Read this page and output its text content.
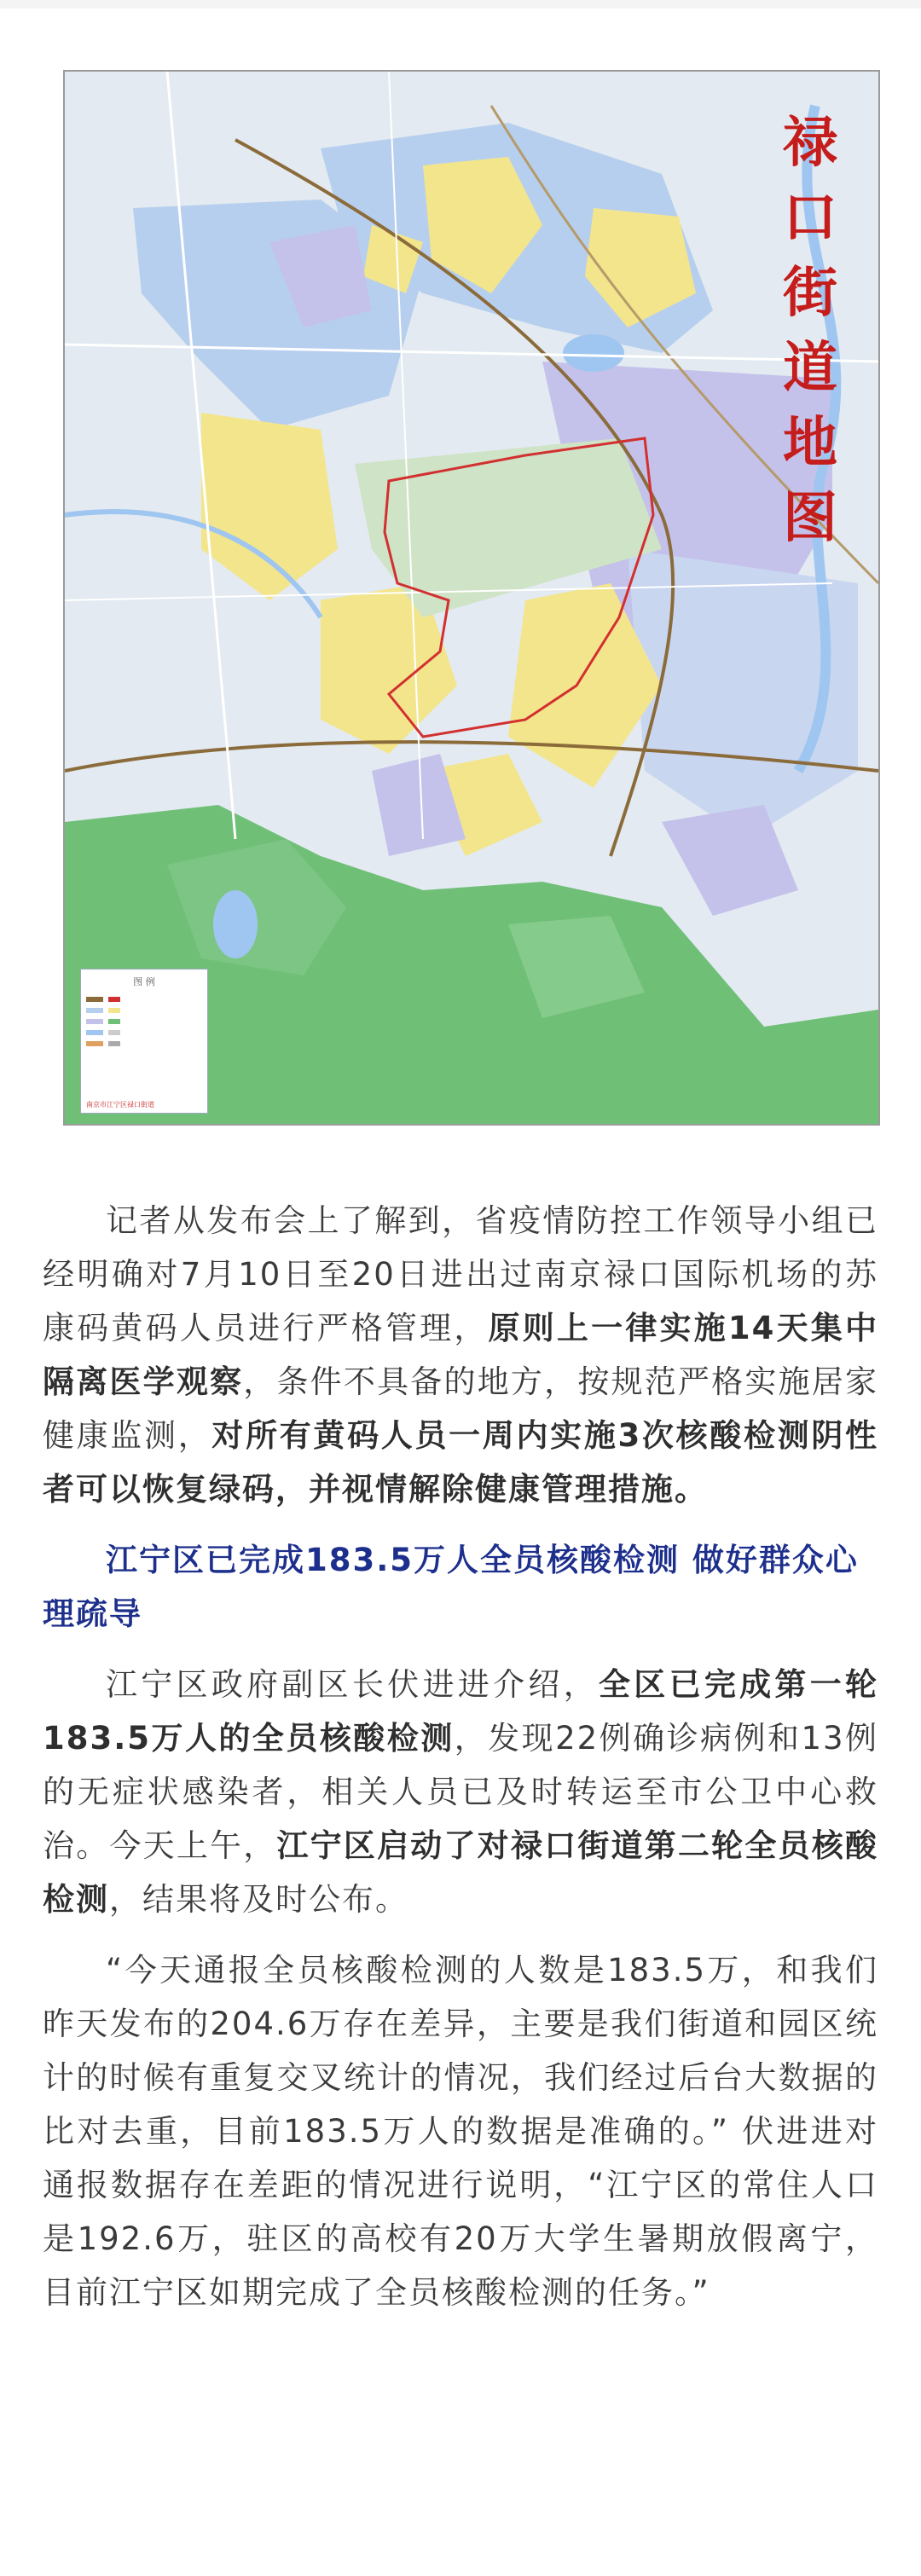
禄
口
街
道
地
图
图 例
南京市江宁区禄口街道

记者从发布会上了解到，省疫情防控工作领导小组已经明确对7月10日至20日进出过南京禄口国际机场的苏康码黄码人员进行严格管理，原则上一律实施14天集中隔离医学观察，条件不具备的地方，按规范严格实施居家健康监测，对所有黄码人员一周内实施3次核酸检测阴性者可以恢复绿码，并视情解除健康管理措施。

江宁区已完成183.5万人全员核酸检测 做好群众心理疏导

江宁区政府副区长伏进进介绍，全区已完成第一轮183.5万人的全员核酸检测，发现22例确诊病例和13例的无症状感染者，相关人员已及时转运至市公卫中心救治。今天上午，江宁区启动了对禄口街道第二轮全员核酸检测，结果将及时公布。

“今天通报全员核酸检测的人数是183.5万，和我们昨天发布的204.6万存在差异，主要是我们街道和园区统计的时候有重复交叉统计的情况，我们经过后台大数据的比对去重，目前183.5万人的数据是准确的。” 伏进进对通报数据存在差距的情况进行说明，“江宁区的常住人口是192.6万，驻区的高校有20万大学生暑期放假离宁，目前江宁区如期完成了全员核酸检测的任务。”
